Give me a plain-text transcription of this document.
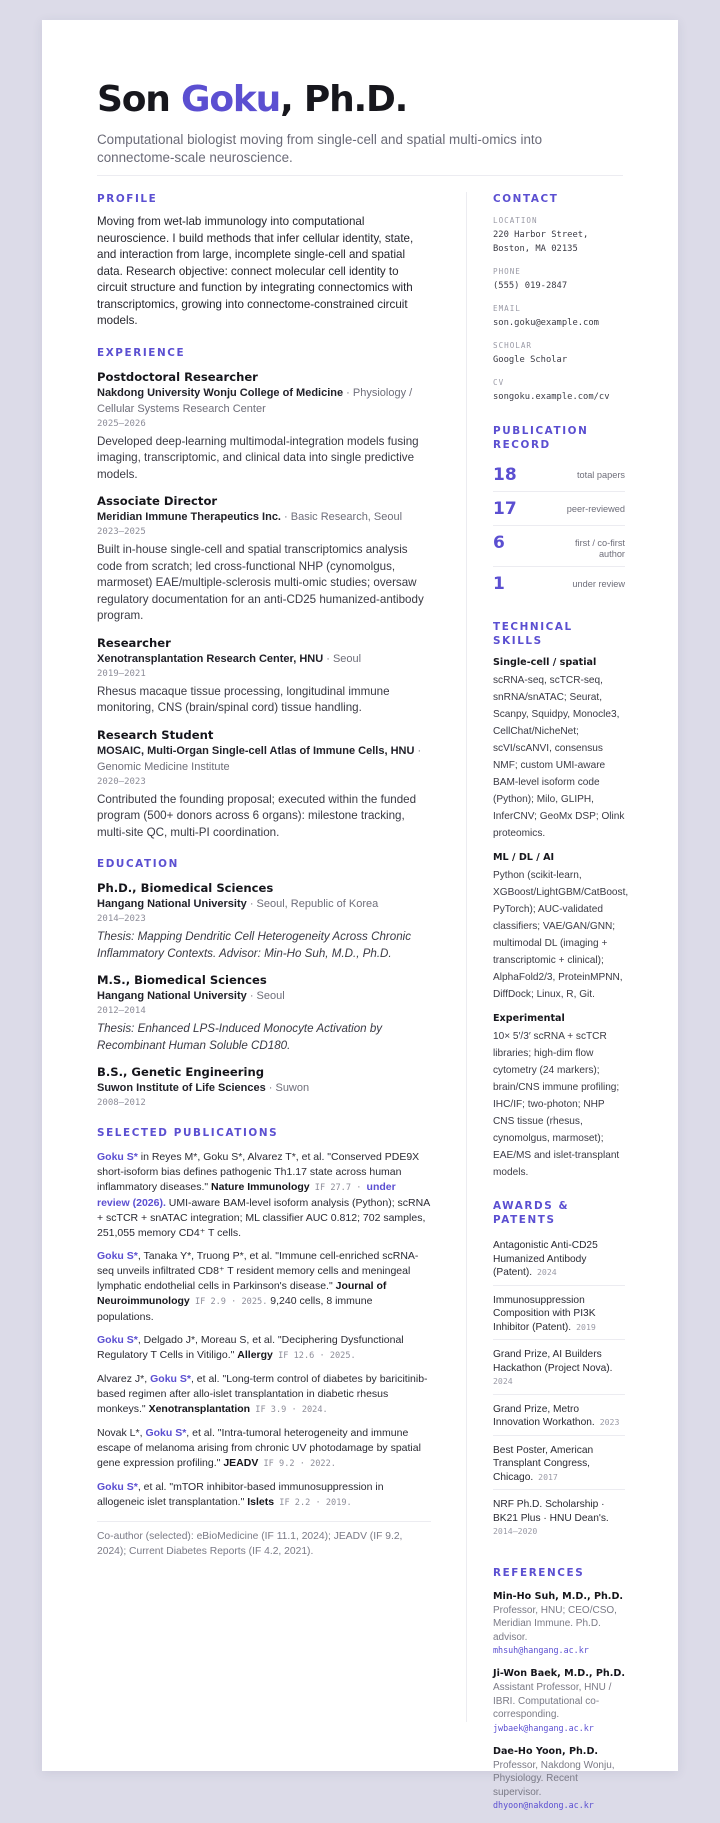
Son Goku, Ph.D.
Computational biologist moving from single-cell and spatial multi-omics into connectome-scale neuroscience.
PROFILE
Moving from wet-lab immunology into computational neuroscience. I build methods that infer cellular identity, state, and interaction from large, incomplete single-cell and spatial data. Research objective: connect molecular cell identity to circuit structure and function by integrating connectomics with transcriptomics, growing into connectome-constrained circuit models.
EXPERIENCE
Postdoctoral Researcher
Nakdong University Wonju College of Medicine · Physiology / Cellular Systems Research Center
2025–2026
Developed deep-learning multimodal-integration models fusing imaging, transcriptomic, and clinical data into single predictive models.
Associate Director
Meridian Immune Therapeutics Inc. · Basic Research, Seoul
2023–2025
Built in-house single-cell and spatial transcriptomics analysis code from scratch; led cross-functional NHP (cynomolgus, marmoset) EAE/multiple-sclerosis multi-omic studies; oversaw regulatory documentation for an anti-CD25 humanized-antibody program.
Researcher
Xenotransplantation Research Center, HNU · Seoul
2019–2021
Rhesus macaque tissue processing, longitudinal immune monitoring, CNS (brain/spinal cord) tissue handling.
Research Student
MOSAIC, Multi-Organ Single-cell Atlas of Immune Cells, HNU · Genomic Medicine Institute
2020–2023
Contributed the founding proposal; executed within the funded program (500+ donors across 6 organs): milestone tracking, multi-site QC, multi-PI coordination.
EDUCATION
Ph.D., Biomedical Sciences
Hangang National University · Seoul, Republic of Korea
2014–2023
Thesis: Mapping Dendritic Cell Heterogeneity Across Chronic Inflammatory Contexts. Advisor: Min-Ho Suh, M.D., Ph.D.
M.S., Biomedical Sciences
Hangang National University · Seoul
2012–2014
Thesis: Enhanced LPS-Induced Monocyte Activation by Recombinant Human Soluble CD180.
B.S., Genetic Engineering
Suwon Institute of Life Sciences · Suwon
2008–2012
SELECTED PUBLICATIONS
Goku S* in Reyes M*, Goku S*, Alvarez T*, et al. "Conserved PDE9X short-isoform bias defines pathogenic Th1.17 state across human inflammatory diseases." Nature Immunology IF 27.7 · under review (2026). UMI-aware BAM-level isoform analysis (Python); scRNA + scTCR + snATAC integration; ML classifier AUC 0.812; 702 samples, 251,055 memory CD4⁺ T cells.
Goku S*, Tanaka Y*, Truong P*, et al. "Immune cell-enriched scRNA-seq unveils infiltrated CD8⁺ T resident memory cells and meningeal lymphatic endothelial cells in Parkinson's disease." Journal of Neuroimmunology IF 2.9 · 2025. 9,240 cells, 8 immune populations.
Goku S*, Delgado J*, Moreau S, et al. "Deciphering Dysfunctional Regulatory T Cells in Vitiligo." Allergy IF 12.6 · 2025.
Alvarez J*, Goku S*, et al. "Long-term control of diabetes by baricitinib-based regimen after allo-islet transplantation in diabetic rhesus monkeys." Xenotransplantation IF 3.9 · 2024.
Novak L*, Goku S*, et al. "Intra-tumoral heterogeneity and immune escape of melanoma arising from chronic UV photodamage by spatial gene expression profiling." JEADV IF 9.2 · 2022.
Goku S*, et al. "mTOR inhibitor-based immunosuppression in allogeneic islet transplantation." Islets IF 2.2 · 2019.
Co-author (selected): eBioMedicine (IF 11.1, 2024); JEADV (IF 9.2, 2024); Current Diabetes Reports (IF 4.2, 2021).
CONTACT
LOCATION
220 Harbor Street, Boston, MA 02135
PHONE
(555) 019-2847
EMAIL
son.goku@example.com
SCHOLAR
Google Scholar
CV
songoku.example.com/cv
PUBLICATION RECORD
18	total papers
17	peer-reviewed
6	first / co-first author
1	under review
TECHNICAL SKILLS
Single-cell / spatial
scRNA-seq, scTCR-seq, snRNA/snATAC; Seurat, Scanpy, Squidpy, Monocle3, CellChat/NicheNet; scVI/scANVI, consensus NMF; custom UMI-aware BAM-level isoform code (Python); Milo, GLIPH, InferCNV; GeoMx DSP; Olink proteomics.
ML / DL / AI
Python (scikit-learn, XGBoost/LightGBM/CatBoost, PyTorch); AUC-validated classifiers; VAE/GAN/GNN; multimodal DL (imaging + transcriptomic + clinical); AlphaFold2/3, ProteinMPNN, DiffDock; Linux, R, Git.
Experimental
10× 5′/3′ scRNA + scTCR libraries; high-dim flow cytometry (24 markers); brain/CNS immune profiling; IHC/IF; two-photon; NHP CNS tissue (rhesus, cynomolgus, marmoset); EAE/MS and islet-transplant models.
AWARDS & PATENTS
Antagonistic Anti-CD25 Humanized Antibody (Patent). 2024
Immunosuppression Composition with PI3K Inhibitor (Patent). 2019
Grand Prize, AI Builders Hackathon (Project Nova). 2024
Grand Prize, Metro Innovation Workathon. 2023
Best Poster, American Transplant Congress, Chicago. 2017
NRF Ph.D. Scholarship · BK21 Plus · HNU Dean's. 2014–2020
REFERENCES
Min-Ho Suh, M.D., Ph.D.
Professor, HNU; CEO/CSO, Meridian Immune. Ph.D. advisor.
mhsuh@hangang.ac.kr
Ji-Won Baek, M.D., Ph.D.
Assistant Professor, HNU / IBRI. Computational co-corresponding.
jwbaek@hangang.ac.kr
Dae-Ho Yoon, Ph.D.
Professor, Nakdong Wonju, Physiology. Recent supervisor.
dhyoon@nakdong.ac.kr
